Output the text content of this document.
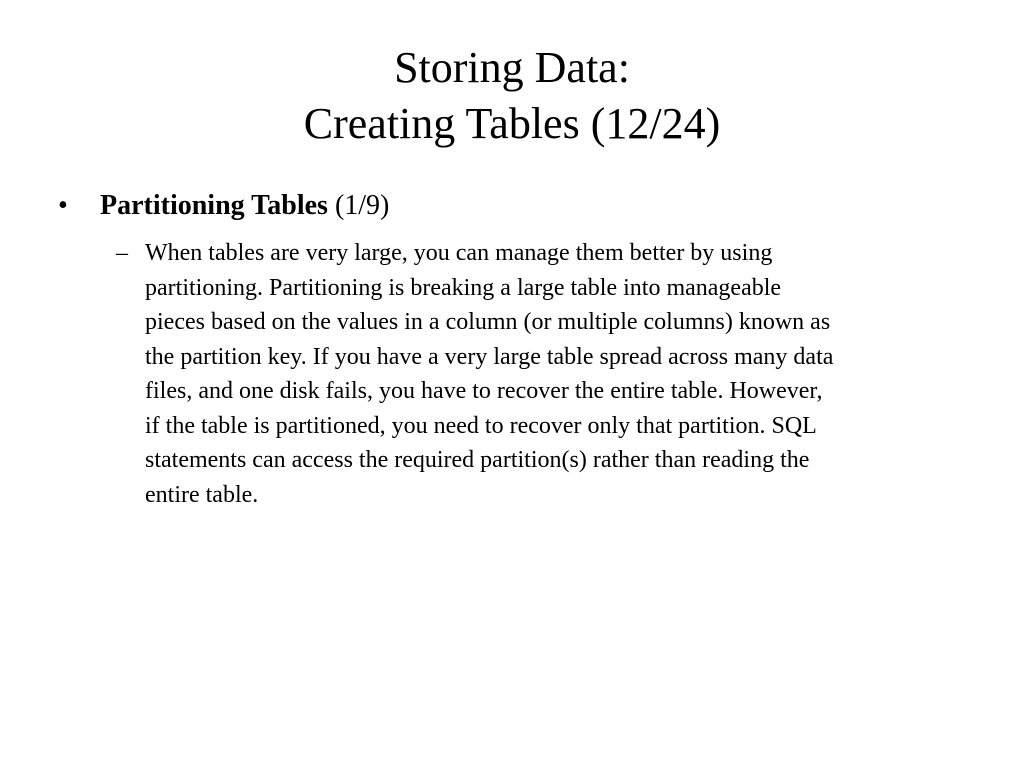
Storing Data:
Creating Tables (12/24)
• Partitioning Tables (1/9)
– When tables are very large, you can manage them better by using
partitioning. Partitioning is breaking a large table into manageable
pieces based on the values in a column (or multiple columns) known as
the partition key. If you have a very large table spread across many data
files, and one disk fails, you have to recover the entire table. However,
if the table is partitioned, you need to recover only that partition. SQL
statements can access the required partition(s) rather than reading the
entire table.
